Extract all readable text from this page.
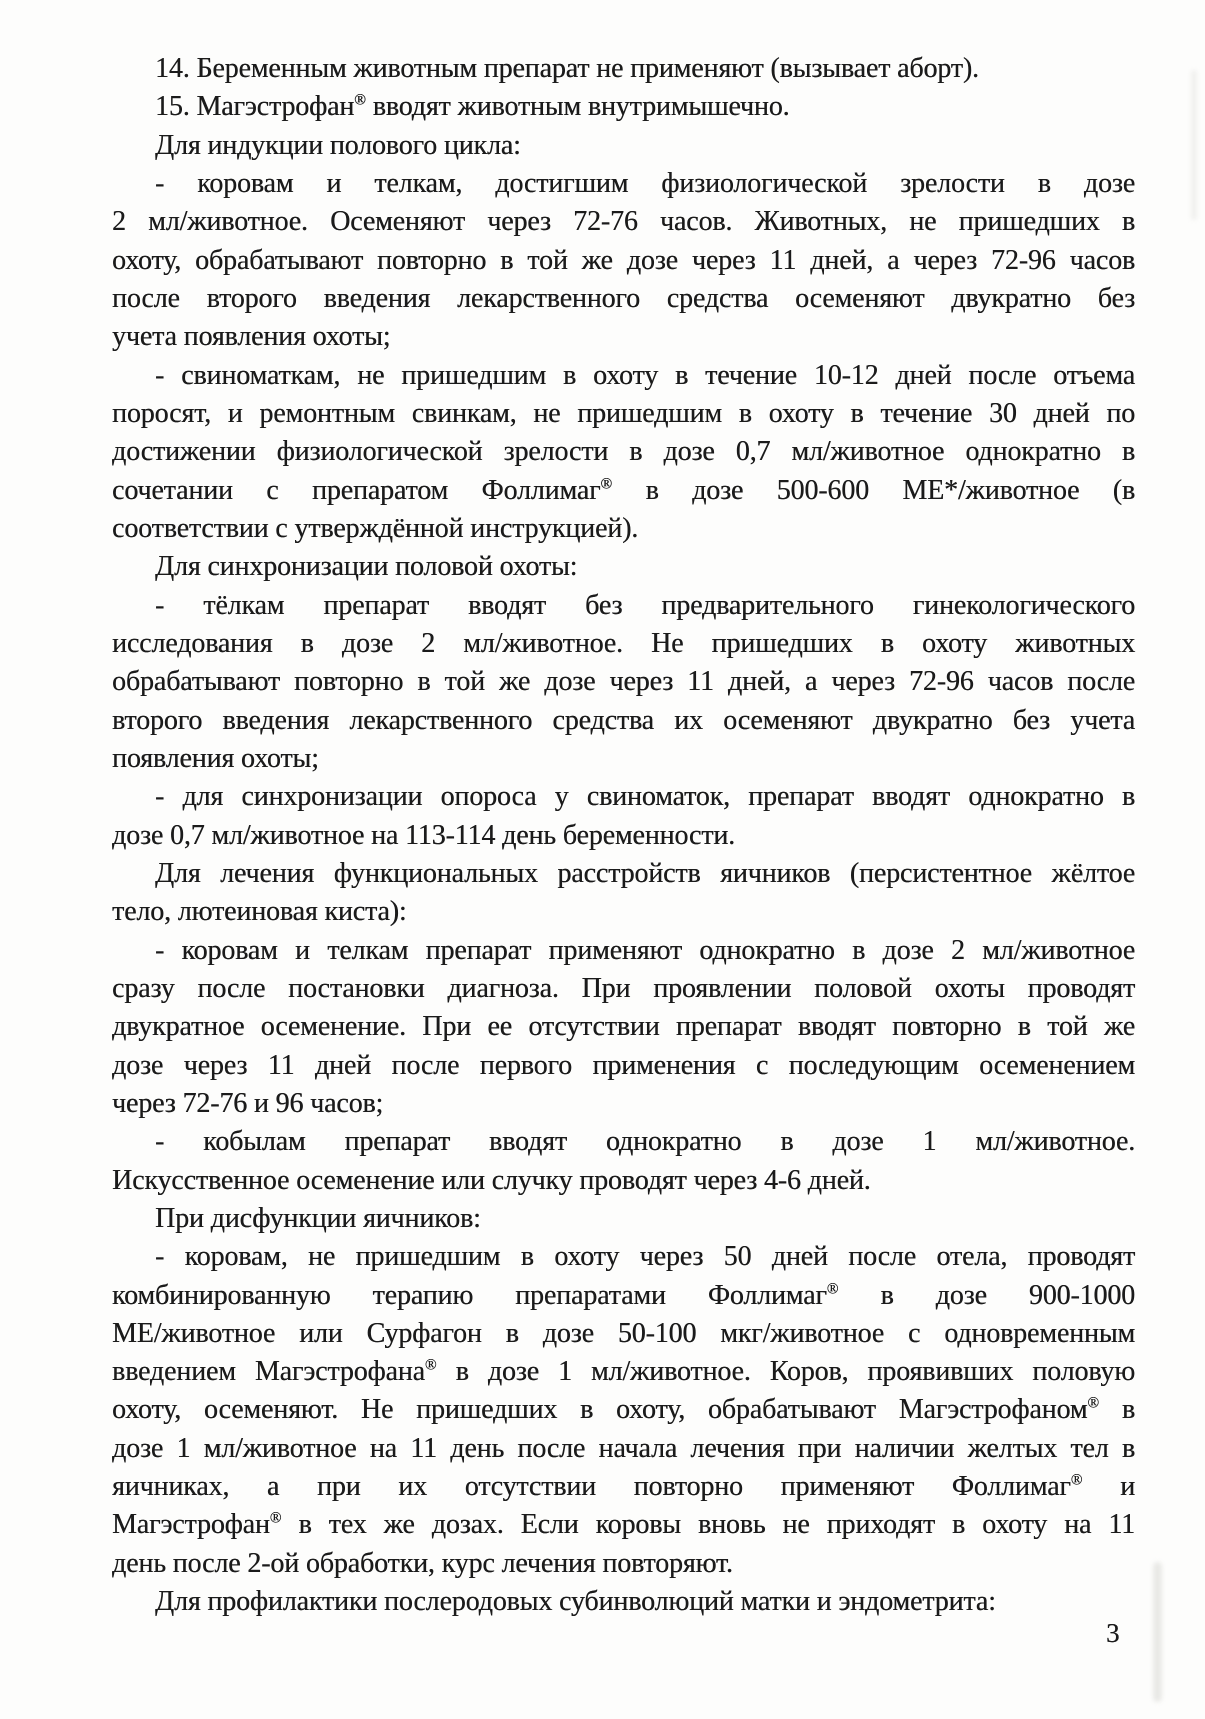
14. Беременным животным препарат не применяют (вызывает аборт).

15. Магэстрофан® вводят животным внутримышечно.

Для индукции полового цикла:

- коровам и телкам, достигшим физиологической зрелости в дозе

2 мл/животное. Осеменяют через 72-76 часов. Животных, не пришедших в

охоту, обрабатывают повторно в той же дозе через 11 дней, а через 72-96 часов

после второго введения лекарственного средства осеменяют двукратно без

учета появления охоты;

- свиноматкам, не пришедшим в охоту в течение 10-12 дней после отъема

поросят, и ремонтным свинкам, не пришедшим в охоту в течение 30 дней по

достижении физиологической зрелости в дозе 0,7 мл/животное однократно в

сочетании с препаратом Фоллимаг® в дозе 500-600 МЕ*/животное (в

соответствии с утверждённой инструкцией).

Для синхронизации половой охоты:

- тёлкам препарат вводят без предварительного гинекологического

исследования в дозе 2 мл/животное. Не пришедших в охоту животных

обрабатывают повторно в той же дозе через 11 дней, а через 72-96 часов после

второго введения лекарственного средства их осеменяют двукратно без учета

появления охоты;

- для синхронизации опороса у свиноматок, препарат вводят однократно в

дозе 0,7 мл/животное на 113-114 день беременности.

Для лечения функциональных расстройств яичников (персистентное жёлтое

тело, лютеиновая киста):

- коровам и телкам препарат применяют однократно в дозе 2 мл/животное

сразу после постановки диагноза. При проявлении половой охоты проводят

двукратное осеменение. При ее отсутствии препарат вводят повторно в той же

дозе через 11 дней после первого применения с последующим осеменением

через 72-76 и 96 часов;

- кобылам препарат вводят однократно в дозе 1 мл/животное.

Искусственное осеменение или случку проводят через 4-6 дней.

При дисфункции яичников:

- коровам, не пришедшим в охоту через 50 дней после отела, проводят

комбинированную терапию препаратами Фоллимаг® в дозе 900-1000

МЕ/животное или Сурфагон в дозе 50-100 мкг/животное с одновременным

введением Магэстрофана® в дозе 1 мл/животное. Коров, проявивших половую

охоту, осеменяют. Не пришедших в охоту, обрабатывают Магэстрофаном® в

дозе 1 мл/животное на 11 день после начала лечения при наличии желтых тел в

яичниках, а при их отсутствии повторно применяют Фоллимаг® и

Магэстрофан® в тех же дозах. Если коровы вновь не приходят в охоту на 11

день после 2-ой обработки, курс лечения повторяют.

Для профилактики послеродовых субинволюций матки и эндометрита:

3
